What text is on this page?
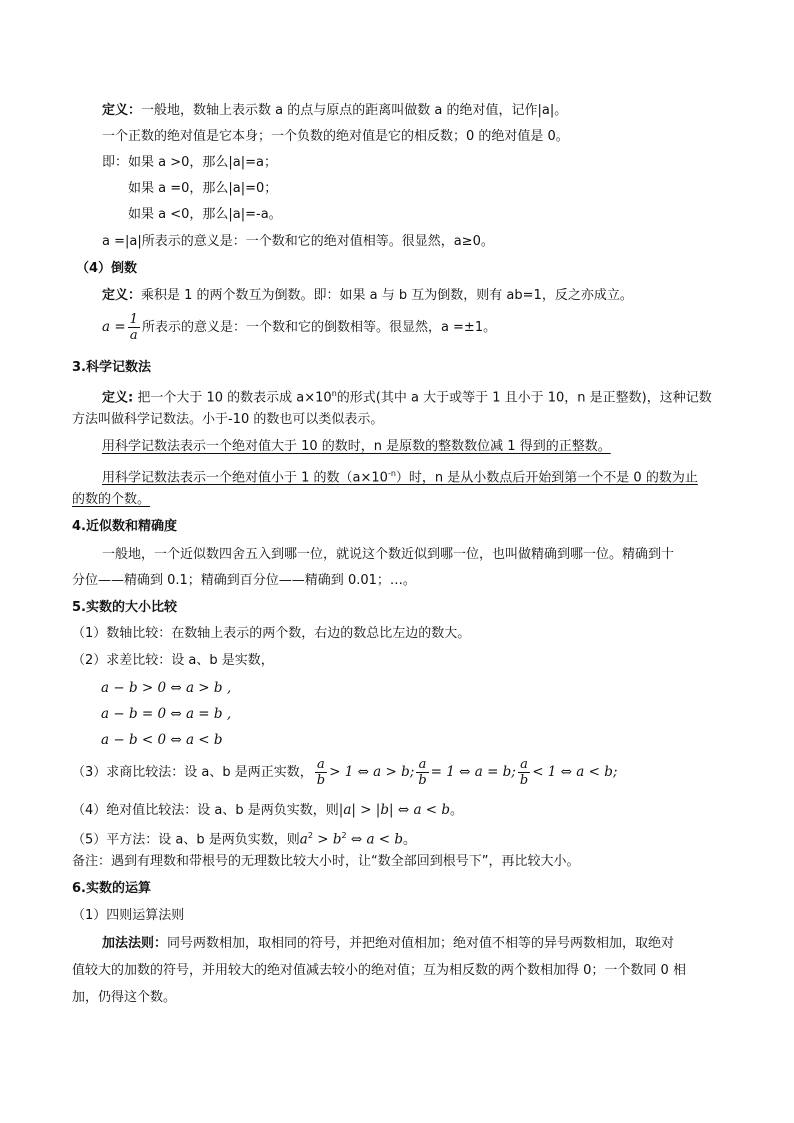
定义：一般地，数轴上表示数 a 的点与原点的距离叫做数 a 的绝对值，记作|a|。
一个正数的绝对值是它本身；一个负数的绝对值是它的相反数；0 的绝对值是 0。
即：如果 a >0，那么|a|=a；
如果 a =0，那么|a|=0；
如果 a <0，那么|a|=-a。
a =|a|所表示的意义是：一个数和它的绝对值相等。很显然，a≥0。
（4）倒数
定义：乘积是 1 的两个数互为倒数。即：如果 a 与 b 互为倒数，则有 ab=1，反之亦成立。
$a = \frac{1}{a}$ 所表示的意义是：一个数和它的倒数相等。很显然，a =±1。
3.科学记数法
定义: 把一个大于 10 的数表示成 $a\times 10^n$的形式(其中 a 大于或等于 1 且小于 10，n 是正整数)，这种记数
方法叫做科学记数法。小于-10 的数也可以类似表示。
用科学记数法表示一个绝对值大于 10 的数时，n 是原数的整数数位减 1 得到的正整数。
用科学记数法表示一个绝对值小于 1 的数$(a\times 10^{-n})$时，n 是从小数点后开始到第一个不是 0 的数为止
的数的个数。
4.近似数和精确度
一般地，一个近似数四舍五入到哪一位，就说这个数近似到哪一位，也叫做精确到哪一位。精确到十
分位——精确到 0.1；精确到百分位——精确到 0.01；…。
5.实数的大小比较
（1）数轴比较：在数轴上表示的两个数，右边的数总比左边的数大。
（2）求差比较：设 a、b 是实数，
a − b > 0 ⇔ a > b ,
a − b = 0 ⇔ a = b ,
a − b < 0 ⇔ a < b
（3）求商比较法：设 a、b 是两正实数， $\frac{a}{b} > 1$ ⇔ a > b; $\frac{a}{b} = 1$ ⇔ a = b; $\frac{a}{b} < 1$ ⇔ a < b;
（4）绝对值比较法：设 a、b 是两负实数，则|a| > |b| ⇔ a < b。
（5）平方法：设 a、b 是两负实数，则$a^2 > b^2$ ⇔ a < b。
备注：遇到有理数和带根号的无理数比较大小时，让“数全部回到根号下”，再比较大小。
6.实数的运算
（1）四则运算法则
加法法则：同号两数相加，取相同的符号，并把绝对值相加；绝对值不相等的异号两数相加，取绝对
值较大的加数的符号，并用较大的绝对值减去较小的绝对值；互为相反数的两个数相加得 0；一个数同 0 相
加，仍得这个数。
